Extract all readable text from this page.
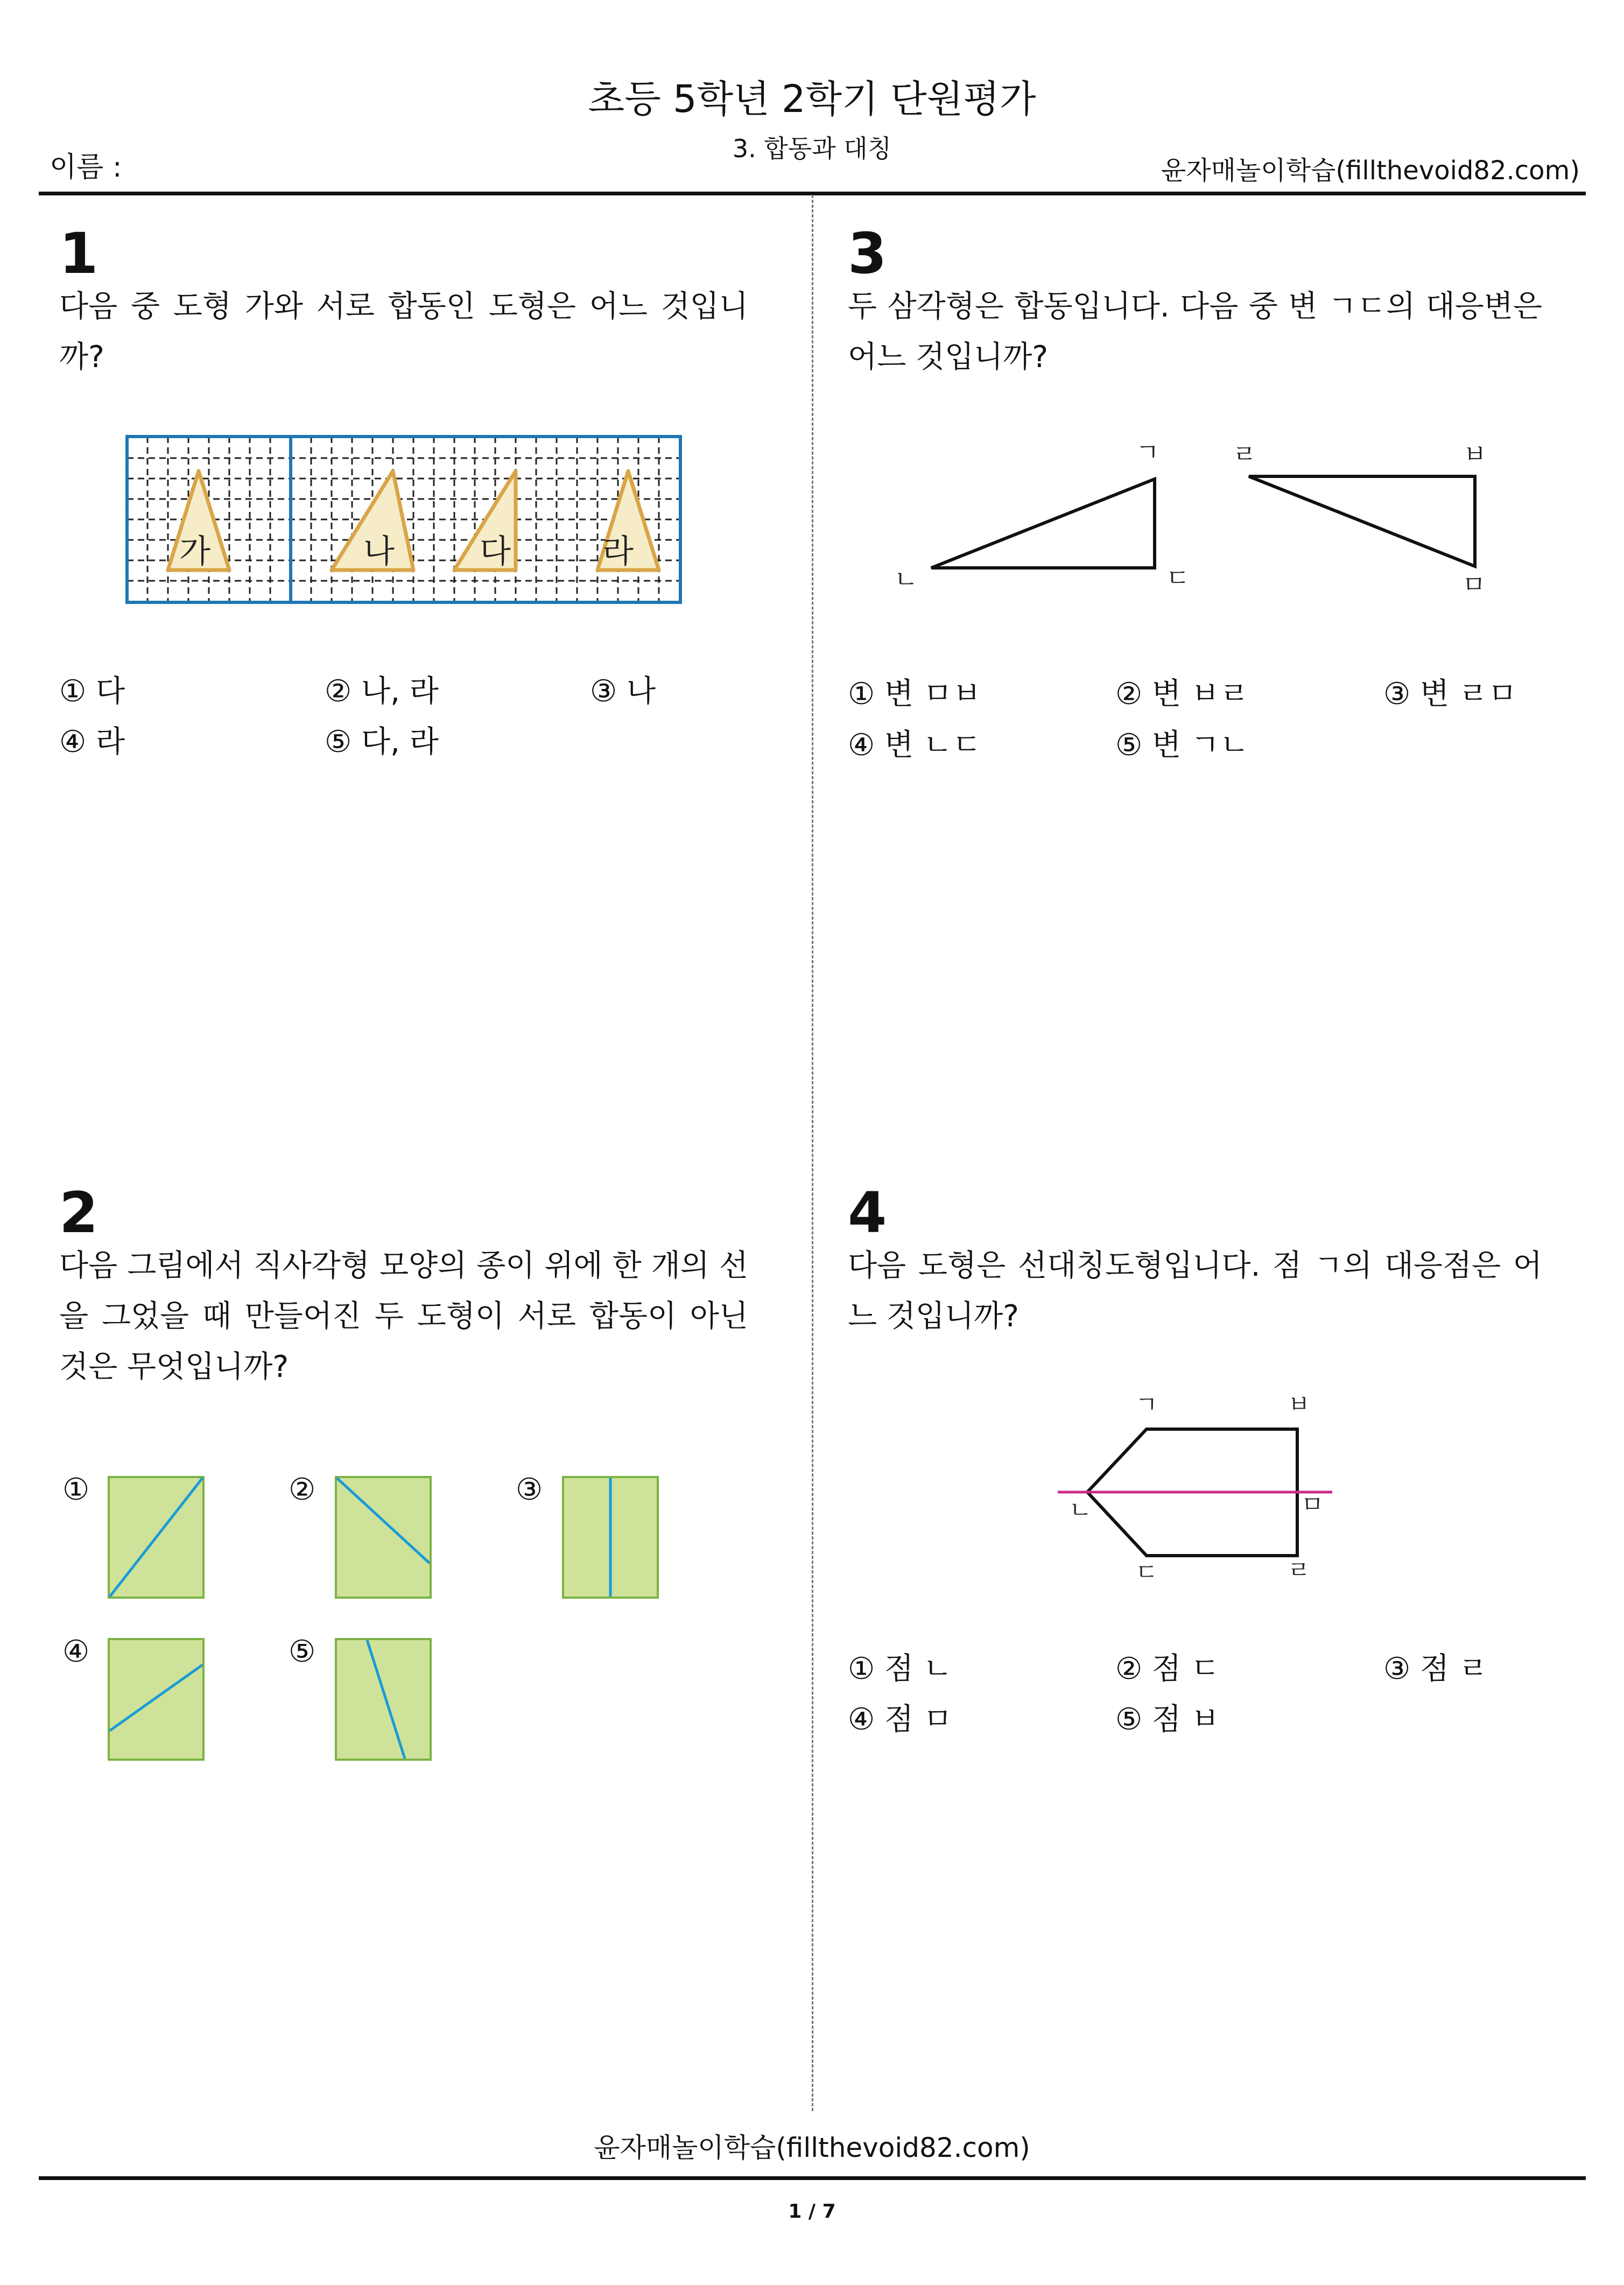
초등 5학년 2학기 단원평가
3. 합동과 대칭
이름 :	윤자매놀이학습(fillthevoid82.com)
1
다음 중 도형 가와 서로 합동인 도형은 어느 것입니까?
가	나	다	라
① 다	② 나, 라	③ 나
④ 라	⑤ 다, 라
2
다음 그림에서 직사각형 모양의 종이 위에 한 개의 선을 그었을 때 만들어진 두 도형이 서로 합동이 아닌 것은 무엇입니까?
①	②	③
④	⑤
3
두 삼각형은 합동입니다. 다음 중 변 ㄱㄷ의 대응변은 어느 것입니까?
ㄱ
ㄴ	ㄷ
ㄹ	ㅂ
ㅁ
① 변 ㅁㅂ	② 변 ㅂㄹ	③ 변 ㄹㅁ
④ 변 ㄴㄷ	⑤ 변 ㄱㄴ
4
다음 도형은 선대칭도형입니다. 점 ㄱ의 대응점은 어느 것입니까?
ㄱ	ㅂ
ㄴ	ㅁ
ㄷ	ㄹ
① 점 ㄴ	② 점 ㄷ	③ 점 ㄹ
④ 점 ㅁ	⑤ 점 ㅂ
윤자매놀이학습(fillthevoid82.com)
1 / 7
